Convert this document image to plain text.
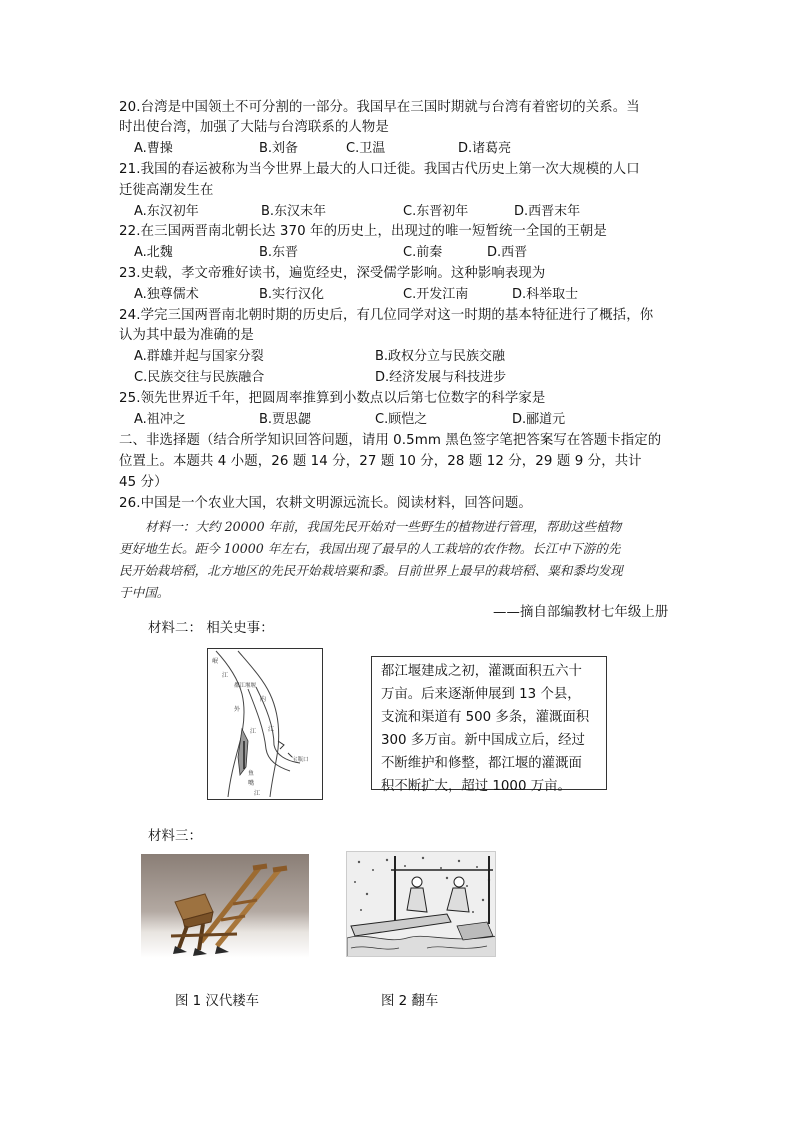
20.台湾是中国领土不可分割的一部分。我国早在三国时期就与台湾有着密切的关系。当
时出使台湾，加强了大陆与台湾联系的人物是
A.曹操	B.刘备	C.卫温	D.诸葛亮
21.我国的春运被称为当今世界上最大的人口迁徙。我国古代历史上第一次大规模的人口
迁徙高潮发生在
A.东汉初年	B.东汉末年	C.东晋初年	D.西晋末年
22.在三国两晋南北朝长达 370 年的历史上，出现过的唯一短暂统一全国的王朝是
A.北魏	B.东晋	C.前秦	D.西晋
23.史载，孝文帝雅好读书，遍览经史，深受儒学影响。这种影响表现为
A.独尊儒术	B.实行汉化	C.开发江南	D.科举取士
24.学完三国两晋南北朝时期的历史后，有几位同学对这一时期的基本特征进行了概括，你
认为其中最为准确的是
A.群雄并起与国家分裂	B.政权分立与民族交融
C.民族交往与民族融合	D.经济发展与科技进步
25.领先世界近千年，把圆周率推算到小数点以后第七位数字的科学家是
A.祖冲之	B.贾思勰	C.顾恺之	D.郦道元
二、非选择题（结合所学知识回答问题，请用 0.5mm 黑色签字笔把答案写在答题卡指定的
位置上。本题共 4 小题，26 题 14 分，27 题 10 分，28 题 12 分，29 题 9 分，共计
45 分）
26.中国是一个农业大国，农耕文明源远流长。阅读材料，回答问题。
材料一：大约 20000 年前，我国先民开始对一些野生的植物进行管理，帮助这些植物
更好地生长。距今 10000 年左右，我国出现了最早的人工栽培的农作物。长江中下游的先
民开始栽培稻，北方地区的先民开始栽培粟和黍。目前世界上最早的栽培稻、粟和黍均发现
于中国。
——摘自部编教材七年级上册
材料二： 相关史事：
岷
江
都江堰堰
内
江
外
江
宝瓶口
鱼
嘴
江
都江堰建成之初，灌溉面积五六十
万亩。后来逐渐伸展到 13 个县，
支流和渠道有 500 多条，灌溉面积
300 多万亩。新中国成立后，经过
不断维护和修整，都江堰的灌溉面
积不断扩大，超过 1000 万亩。
材料三：
图 1 汉代耧车	图 2 翻车
